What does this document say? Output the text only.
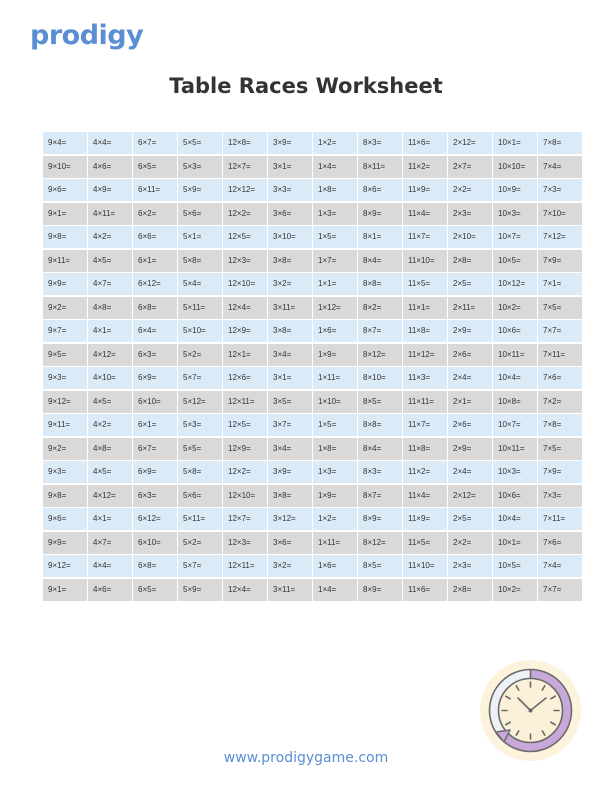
prodigy
Table Races Worksheet
9×4=	4×4=	6×7=	5×5=	12×8=	3×9=	1×2=	8×3=	11×6=	2×12=	10×1=	7×8=
9×10=	4×6=	6×5=	5×3=	12×7=	3×1=	1×4=	8×11=	11×2=	2×7=	10×10=	7×4=
9×6=	4×9=	6×11=	5×9=	12×12=	3×3=	1×8=	8×6=	11×9=	2×2=	10×9=	7×3=
9×1=	4×11=	6×2=	5×6=	12×2=	3×6=	1×3=	8×9=	11×4=	2×3=	10×3=	7×10=
9×8=	4×2=	6×6=	5×1=	12×5=	3×10=	1×5=	8×1=	11×7=	2×10=	10×7=	7×12=
9×11=	4×5=	6×1=	5×8=	12×3=	3×8=	1×7=	8×4=	11×10=	2×8=	10×5=	7×9=
9×9=	4×7=	6×12=	5×4=	12×10=	3×2=	1×1=	8×8=	11×5=	2×5=	10×12=	7×1=
9×2=	4×8=	6×8=	5×11=	12×4=	3×11=	1×12=	8×2=	11×1=	2×11=	10×2=	7×5=
9×7=	4×1=	6×4=	5×10=	12×9=	3×8=	1×6=	8×7=	11×8=	2×9=	10×6=	7×7=
9×5=	4×12=	6×3=	5×2=	12×1=	3×4=	1×9=	8×12=	11×12=	2×6=	10×11=	7×11=
9×3=	4×10=	6×9=	5×7=	12×6=	3×1=	1×11=	8×10=	11×3=	2×4=	10×4=	7×6=
9×12=	4×5=	6×10=	5×12=	12×11=	3×5=	1×10=	8×5=	11×11=	2×1=	10×8=	7×2=
9×11=	4×2=	6×1=	5×3=	12×5=	3×7=	1×5=	8×8=	11×7=	2×6=	10×7=	7×8=
9×2=	4×8=	6×7=	5×5=	12×9=	3×4=	1×8=	8×4=	11×8=	2×9=	10×11=	7×5=
9×3=	4×5=	6×9=	5×8=	12×2=	3×9=	1×3=	8×3=	11×2=	2×4=	10×3=	7×9=
9×8=	4×12=	6×3=	5×6=	12×10=	3×8=	1×9=	8×7=	11×4=	2×12=	10×6=	7×3=
9×6=	4×1=	6×12=	5×11=	12×7=	3×12=	1×2=	8×9=	11×9=	2×5=	10×4=	7×11=
9×9=	4×7=	6×10=	5×2=	12×3=	3×6=	1×11=	8×12=	11×5=	2×2=	10×1=	7×6=
9×12=	4×4=	6×8=	5×7=	12×11=	3×2=	1×6=	8×5=	11×10=	2×3=	10×5=	7×4=
9×1=	4×6=	6×5=	5×9=	12×4=	3×11=	1×4=	8×9=	11×6=	2×8=	10×2=	7×7=
www.prodigygame.com
